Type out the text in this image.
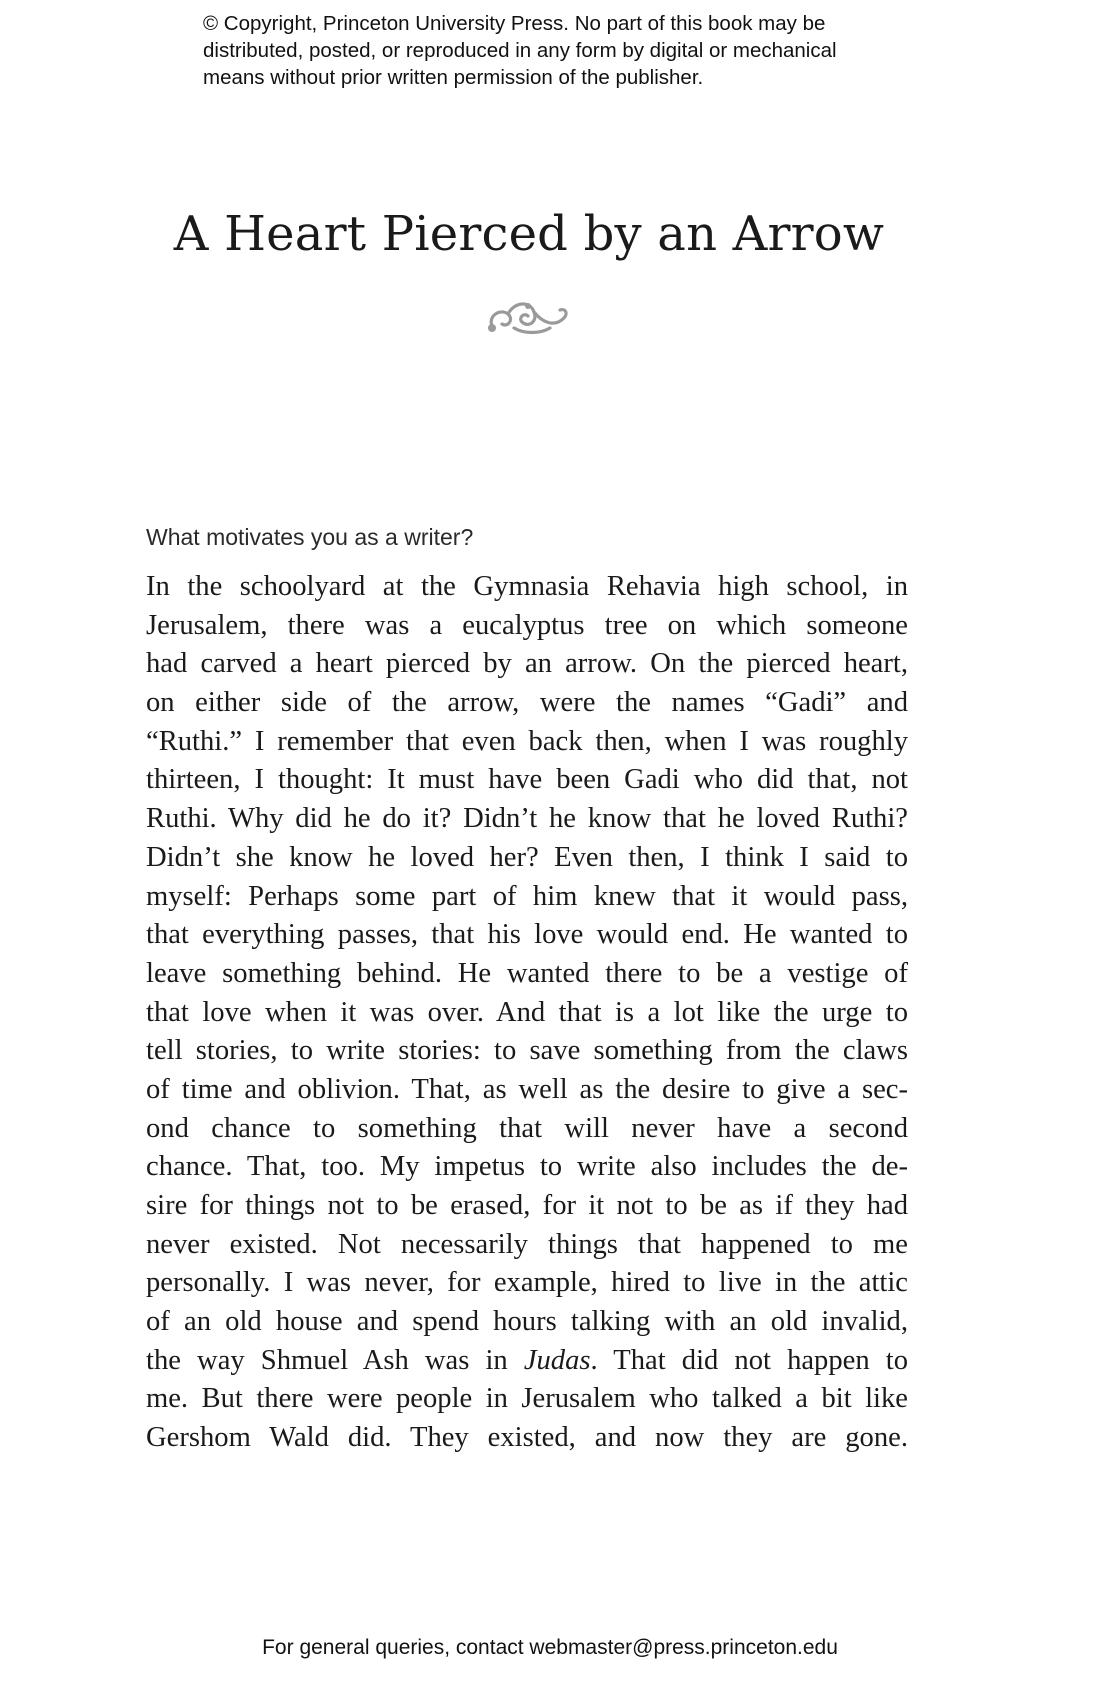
© Copyright, Princeton University Press. No part of this book may be
distributed, posted, or reproduced in any form by digital or mechanical
means without prior written permission of the publisher.
A Heart Pierced by an Arrow
What motivates you as a writer?
In the schoolyard at the Gymnasia Rehavia high school, in
Jerusalem, there was a eucalyptus tree on which someone
had carved a heart pierced by an arrow. On the pierced heart,
on either side of the arrow, were the names “Gadi” and
“Ruthi.” I remember that even back then, when I was roughly
thirteen, I thought: It must have been Gadi who did that, not
Ruthi. Why did he do it? Didn’t he know that he loved Ruthi?
Didn’t she know he loved her? Even then, I think I said to
myself: Perhaps some part of him knew that it would pass,
that everything passes, that his love would end. He wanted to
leave something behind. He wanted there to be a vestige of
that love when it was over. And that is a lot like the urge to
tell stories, to write stories: to save something from the claws
of time and oblivion. That, as well as the desire to give a sec-
ond chance to something that will never have a second
chance. That, too. My impetus to write also includes the de-
sire for things not to be erased, for it not to be as if they had
never existed. Not necessarily things that happened to me
personally. I was never, for example, hired to live in the attic
of an old house and spend hours talking with an old invalid,
the way Shmuel Ash was in Judas. That did not happen to
me. But there were people in Jerusalem who talked a bit like
Gershom Wald did. They existed, and now they are gone.
For general queries, contact webmaster@press.princeton.edu
